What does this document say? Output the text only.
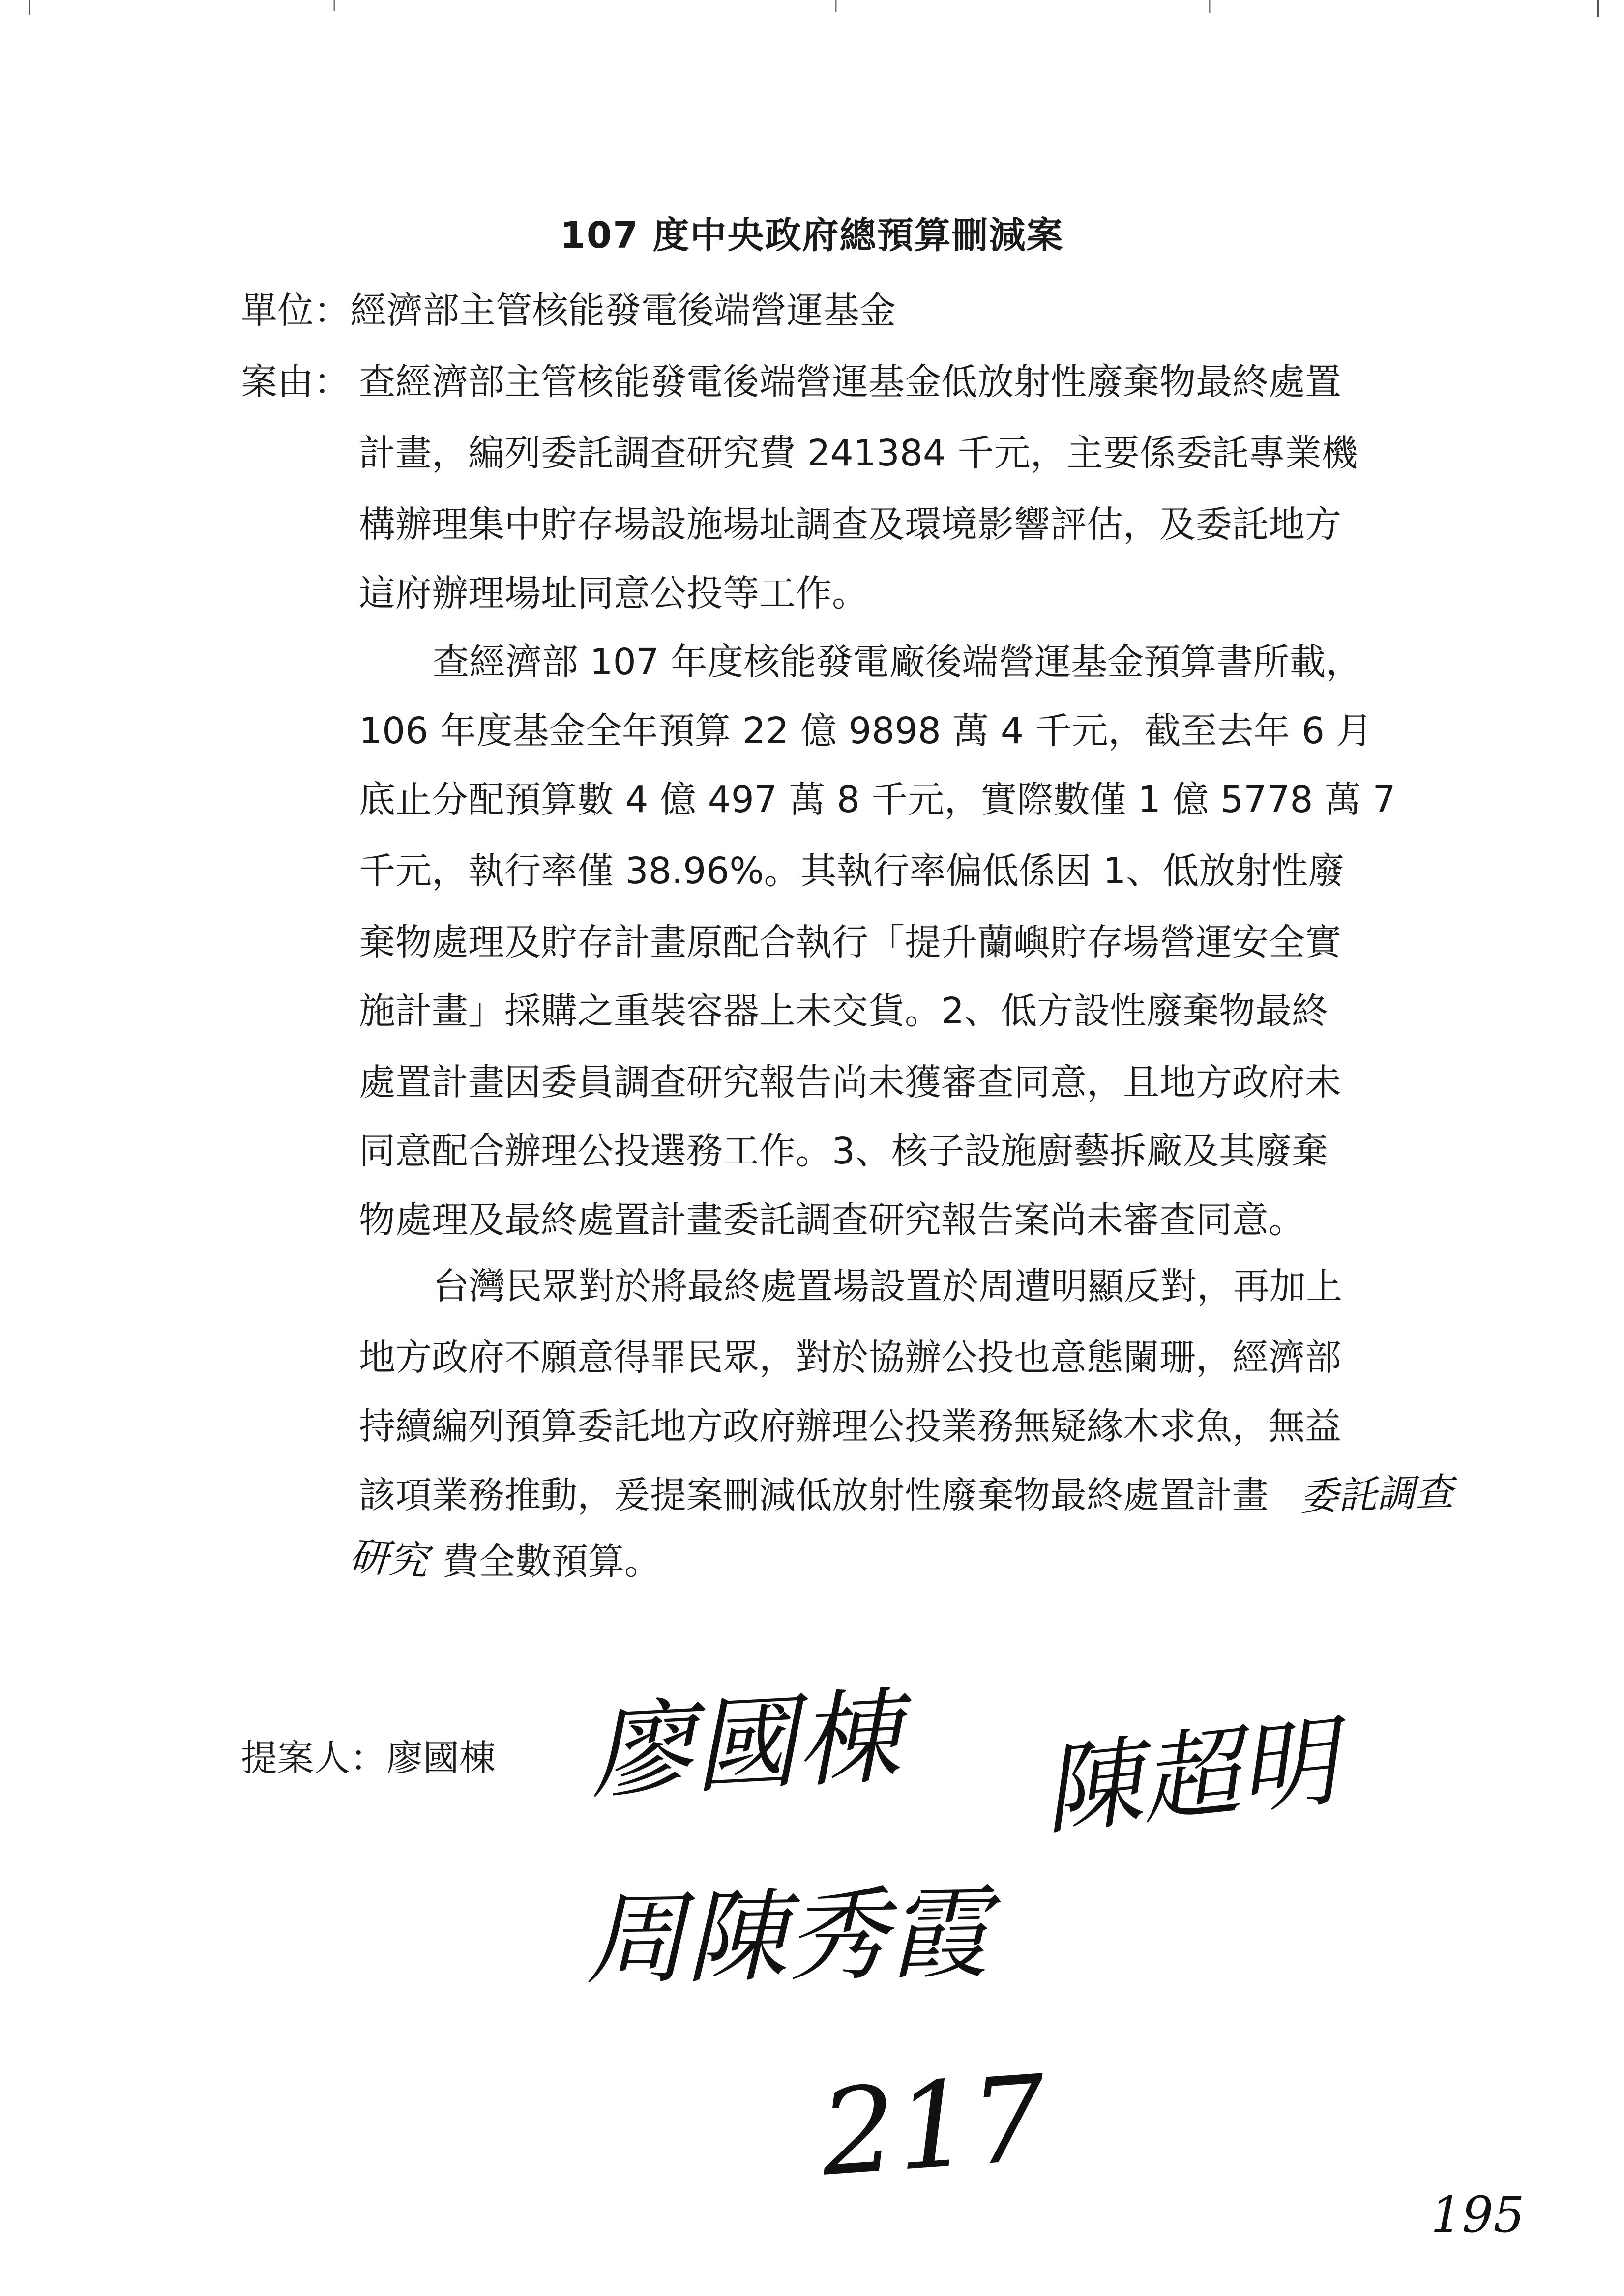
107 度中央政府總預算刪減案
單位：經濟部主管核能發電後端營運基金
案由： 查經濟部主管核能發電後端營運基金低放射性廢棄物最終處置
計畫，編列委託調查研究費 241384 千元，主要係委託專業機
構辦理集中貯存場設施場址調查及環境影響評估，及委託地方
這府辦理場址同意公投等工作。
查經濟部 107 年度核能發電廠後端營運基金預算書所載，
106 年度基金全年預算 22 億 9898 萬 4 千元，截至去年 6 月
底止分配預算數 4 億 497 萬 8 千元，實際數僅 1 億 5778 萬 7
千元，執行率僅 38.96%。其執行率偏低係因 1、低放射性廢
棄物處理及貯存計畫原配合執行「提升蘭嶼貯存場營運安全實
施計畫」採購之重裝容器上未交貨。2、低方設性廢棄物最終
處置計畫因委員調查研究報告尚未獲審查同意，且地方政府未
同意配合辦理公投選務工作。3、核子設施廚藝拆廠及其廢棄
物處理及最終處置計畫委託調查研究報告案尚未審查同意。
台灣民眾對於將最終處置場設置於周遭明顯反對，再加上
地方政府不願意得罪民眾，對於協辦公投也意態闌珊，經濟部
持續編列預算委託地方政府辦理公投業務無疑緣木求魚，無益
該項業務推動，爰提案刪減低放射性廢棄物最終處置計畫 委託調查
研究 費全數預算。
提案人：廖國棟 廖國棟 陳超明
周陳秀霞
217
195
